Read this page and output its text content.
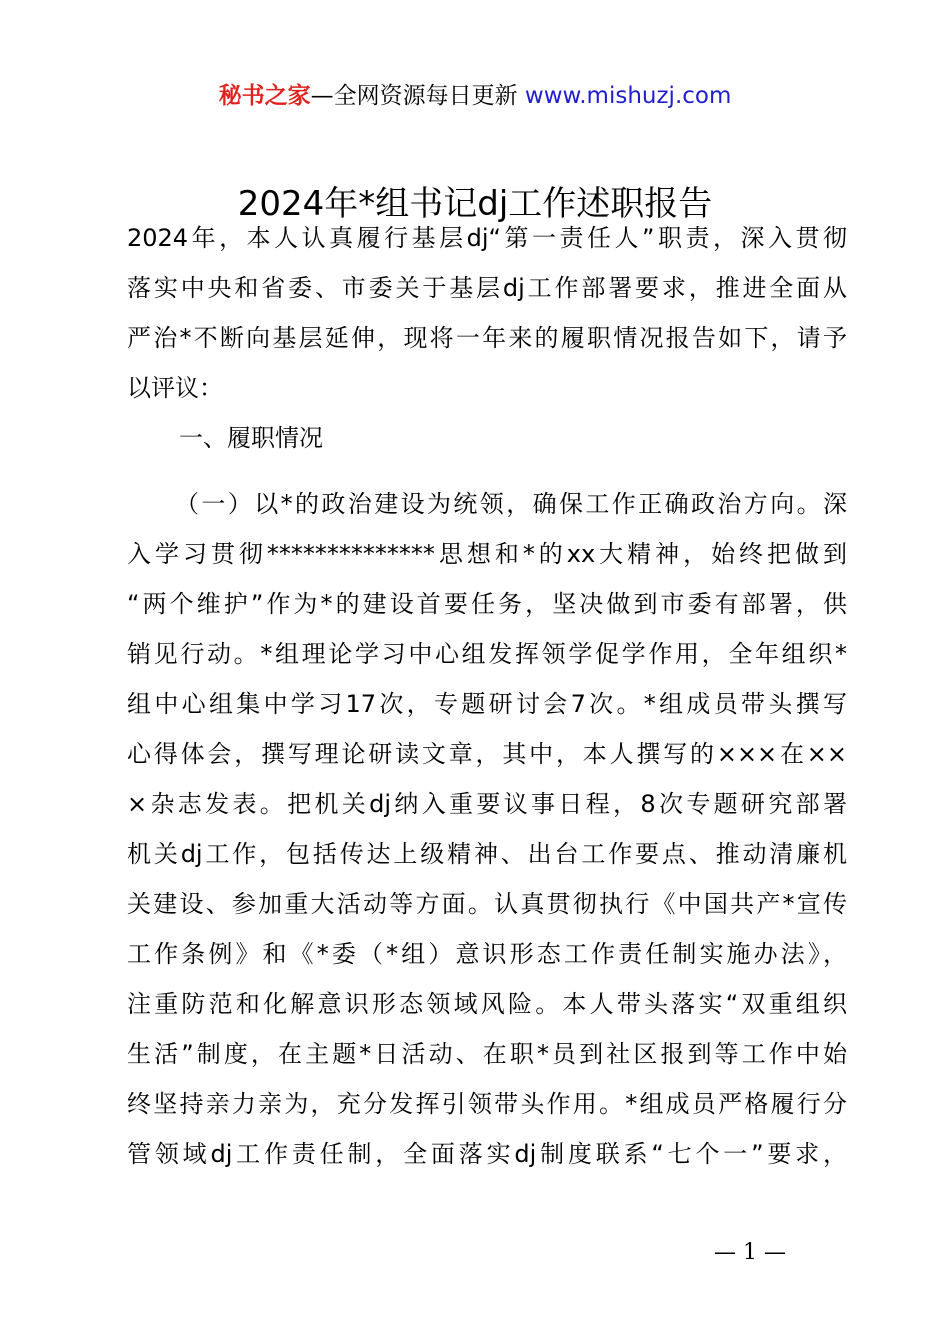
秘书之家—全网资源每日更新 www.mishuzj.com
2024年*组书记dj工作述职报告
2024年，本人认真履行基层dj“第一责任人”职责，深入贯彻
落实中央和省委、市委关于基层dj工作部署要求，推进全面从
严治*不断向基层延伸，现将一年来的履职情况报告如下，请予
以评议：
一、履职情况
（一）以*的政治建设为统领，确保工作正确政治方向。深
入学习贯彻**************思想和*的xx大精神，始终把做到
“两个维护”作为*的建设首要任务，坚决做到市委有部署，供
销见行动。*组理论学习中心组发挥领学促学作用，全年组织*
组中心组集中学习17次，专题研讨会7次。*组成员带头撰写
心得体会，撰写理论研读文章，其中，本人撰写的×××在××
×杂志发表。把机关dj纳入重要议事日程，8次专题研究部署
机关dj工作，包括传达上级精神、出台工作要点、推动清廉机
关建设、参加重大活动等方面。认真贯彻执行《中国共产*宣传
工作条例》和《*委（*组）意识形态工作责任制实施办法》，
注重防范和化解意识形态领域风险。本人带头落实“双重组织
生活”制度，在主题*日活动、在职*员到社区报到等工作中始
终坚持亲力亲为，充分发挥引领带头作用。*组成员严格履行分
管领域dj工作责任制，全面落实dj制度联系“七个一”要求，
— 1 —
